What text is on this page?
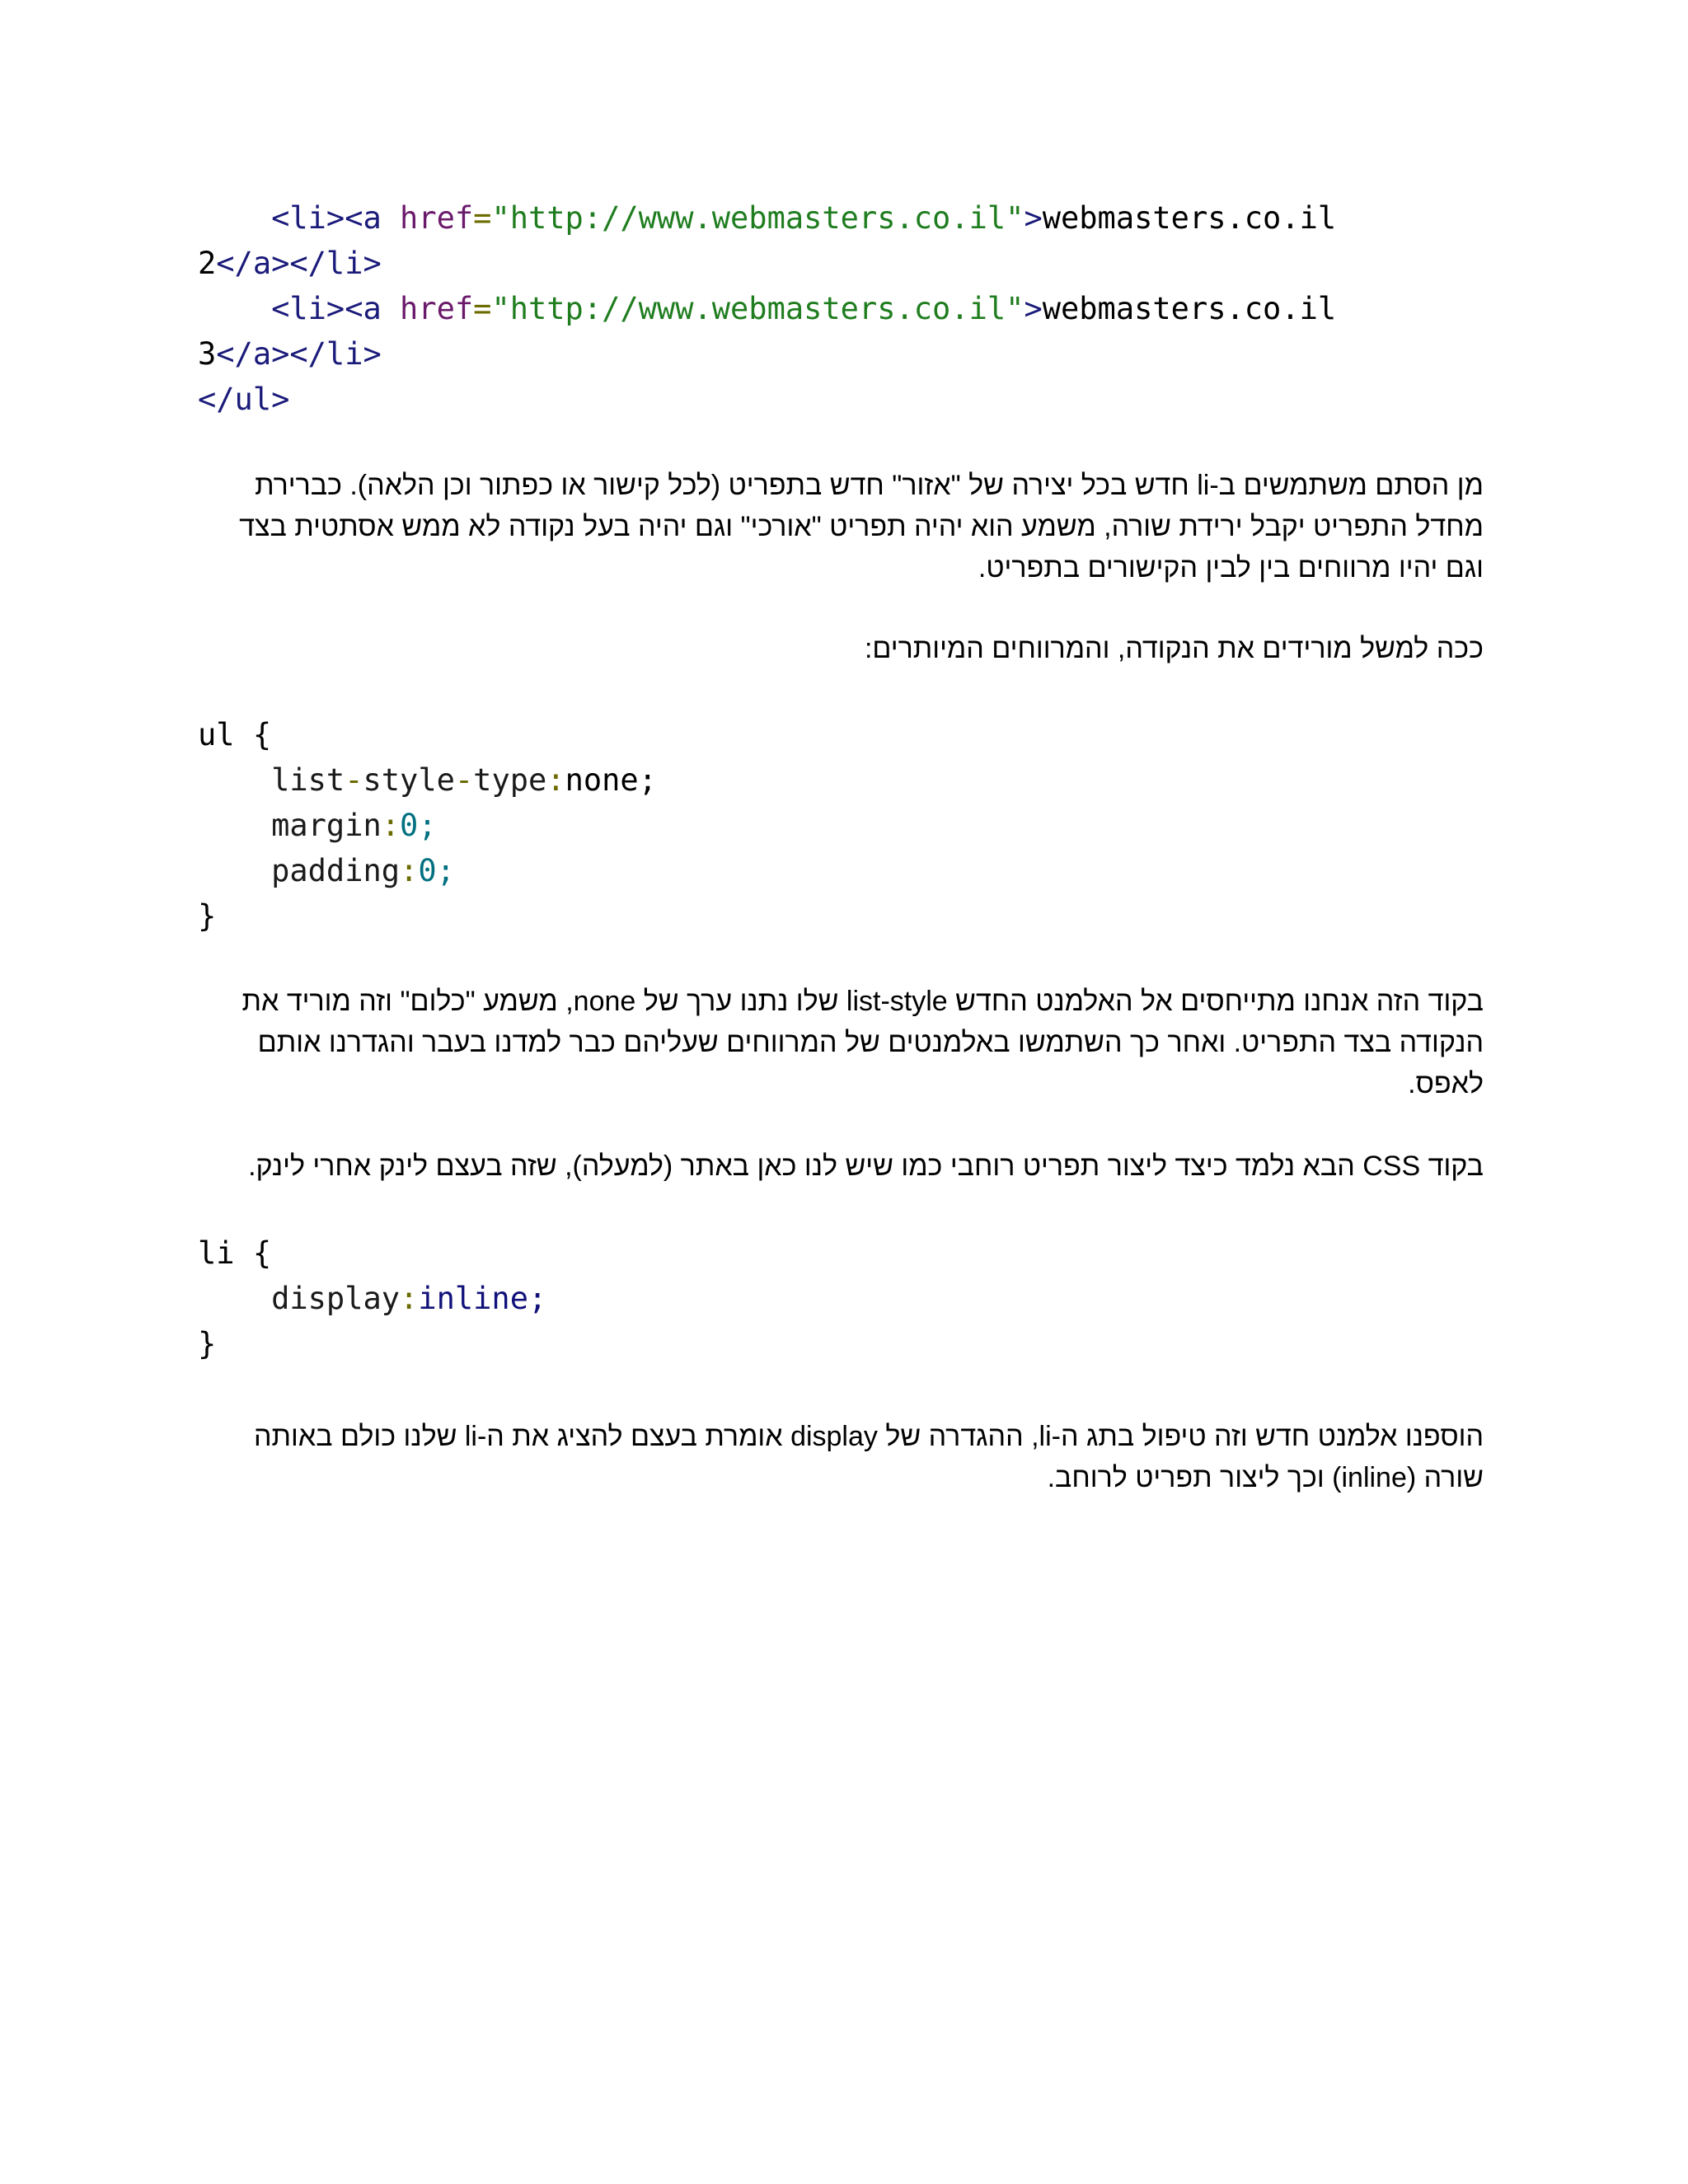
<li><a href="http://www.webmasters.co.il">webmasters.co.il
2</a></li>
<li><a href="http://www.webmasters.co.il">webmasters.co.il
3</a></li>
</ul>

מן הסתם משתמשים ב-li חדש בכל יצירה של "אזור" חדש בתפריט (לכל קישור או כפתור וכן הלאה). כברירת מחדל התפריט יקבל ירידת שורה, משמע הוא יהיה תפריט "אורכי" וגם יהיה בעל נקודה לא ממש אסתטית בצד וגם יהיו מרווחים בין לבין הקישורים בתפריט.

ככה למשל מורידים את הנקודה, והמרווחים המיותרים:

ul {
list-style-type:none;
margin:0;
padding:0;
}

בקוד הזה אנחנו מתייחסים אל האלמנט החדש list-style שלו נתנו ערך של none, משמע "כלום" וזה מוריד את הנקודה בצד התפריט. ואחר כך השתמשו באלמנטים של המרווחים שעליהם כבר למדנו בעבר והגדרנו אותם לאפס.

בקוד CSS הבא נלמד כיצד ליצור תפריט רוחבי כמו שיש לנו כאן באתר (למעלה), שזה בעצם לינק אחרי לינק.

li {
display:inline;
}

הוספנו אלמנט חדש וזה טיפול בתג ה-li, ההגדרה של display אומרת בעצם להציג את ה-li שלנו כולם באותה שורה (inline) וכך ליצור תפריט לרוחב.
